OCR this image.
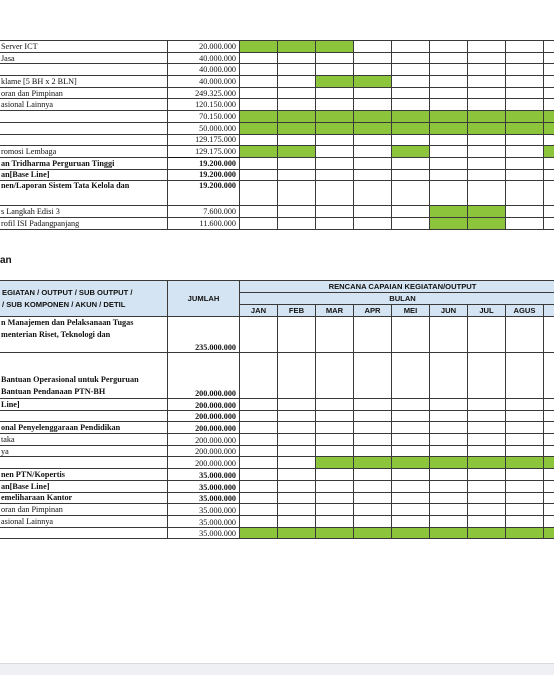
Server ICT	20.000.000									
Jasa	40.000.000									
	40.000.000									
klame [5 BH x 2 BLN]	40.000.000									
oran dan Pimpinan	249.325.000									
asional Lainnya	120.150.000									
	70.150.000									
	50.000.000									
	129.175.000									
romosi Lembaga	129.175.000									
an Tridharma Perguruan Tinggi	19.200.000									
an[Base Line]	19.200.000									
nen/Laporan Sistem Tata Kelola dan	19.200.000									
s Langkah Edisi 3	7.600.000									
rofil ISI Padangpanjang	11.600.000									
an
EGIATAN / OUTPUT / SUB OUTPUT /
/ SUB KOMPONEN / AKUN / DETIL	JUMLAH	RENCANA CAPAIAN KEGIATAN/OUTPUT								
		BULAN								
		JAN	FEB	MAR	APR	MEI	JUN	JUL	AGUS	
n Manajemen dan Pelaksanaan Tugas
menterian Riset, Teknologi dan	235.000.000									
Bantuan Operasional untuk Perguruan
Bantuan Pendanaan PTN-BH	200.000.000									
Line]	200.000.000									
	200.000.000									
onal Penyelenggaraan Pendidikan	200.000.000									
taka	200.000.000									
ya	200.000.000									
	200.000.000									
nen PTN/Kopertis	35.000.000									
an[Base Line]	35.000.000									
emeliharaan Kantor	35.000.000									
oran dan Pimpinan	35.000.000									
asional Lainnya	35.000.000									
	35.000.000									
